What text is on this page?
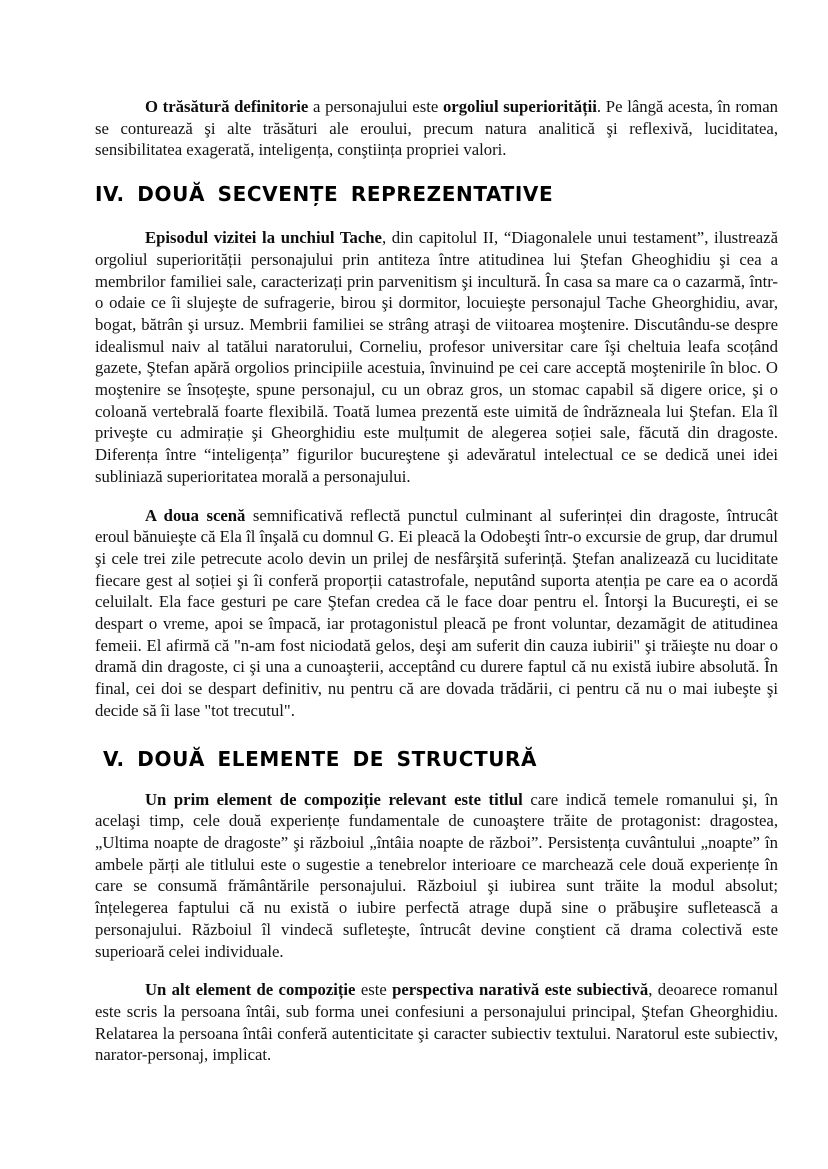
O trăsătură definitorie a personajului este orgoliul superiorității. Pe lângă acesta, în roman se conturează şi alte trăsături ale eroului, precum natura analitică şi reflexivă, luciditatea, sensibilitatea exagerată, inteligența, conştiința propriei valori.

IV. DOUĂ SECVENȚE REPREZENTATIVE

Episodul vizitei la unchiul Tache, din capitolul II, “Diagonalele unui testament”, ilustrează orgoliul superiorității personajului prin antiteza între atitudinea lui Ştefan Gheoghidiu şi cea a membrilor familiei sale, caracterizați prin parvenitism şi incultură. În casa sa mare ca o cazarmă, într-o odaie ce îi slujeşte de sufragerie, birou şi dormitor, locuieşte personajul Tache Gheorghidiu, avar, bogat, bătrân şi ursuz. Membrii familiei se strâng atraşi de viitoarea moştenire. Discutându-se despre idealismul naiv al tatălui naratorului, Corneliu, profesor universitar care îşi cheltuia leafa scoțând gazete, Ştefan apără orgolios principiile acestuia, învinuind pe cei care acceptă moştenirile în bloc. O moştenire se însoțeşte, spune personajul, cu un obraz gros, un stomac capabil să digere orice, şi o coloană vertebrală foarte flexibilă. Toată lumea prezentă este uimită de îndrăzneala lui Ştefan. Ela îl priveşte cu admirație şi Gheorghidiu este mulțumit de alegerea soției sale, făcută din dragoste. Diferența între “inteligența” figurilor bucureştene şi adevăratul intelectual ce se dedică unei idei subliniază superioritatea morală a personajului.

A doua scenă semnificativă reflectă punctul culminant al suferinței din dragoste, întrucât eroul bănuieşte că Ela îl înşală cu domnul G. Ei pleacă la Odobeşti într-o excursie de grup, dar drumul şi cele trei zile petrecute acolo devin un prilej de nesfârşită suferință. Ştefan analizează cu luciditate fiecare gest al soției şi îi conferă proporții catastrofale, neputând suporta atenția pe care ea o acordă celuilalt. Ela face gesturi pe care Ştefan credea că le face doar pentru el. Întorşi la Bucureşti, ei se despart o vreme, apoi se împacă, iar protagonistul pleacă pe front voluntar, dezamăgit de atitudinea femeii. El afirmă că "n-am fost niciodată gelos, deşi am suferit din cauza iubirii" şi trăieşte nu doar o dramă din dragoste, ci şi una a cunoaşterii, acceptând cu durere faptul că nu există iubire absolută. În final, cei doi se despart definitiv, nu pentru că are dovada trădării, ci pentru că nu o mai iubeşte şi decide să îi lase "tot trecutul".

V. DOUĂ ELEMENTE DE STRUCTURĂ

Un prim element de compoziție relevant este titlul care indică temele romanului şi, în acelaşi timp, cele două experiențe fundamentale de cunoaştere trăite de protagonist: dragostea, „Ultima noapte de dragoste” şi războiul „întâia noapte de război”. Persistența cuvântului „noapte” în ambele părți ale titlului este o sugestie a tenebrelor interioare ce marchează cele două experiențe în care se consumă frământările personajului. Războiul şi iubirea sunt trăite la modul absolut; înțelegerea faptului că nu există o iubire perfectă atrage după sine o prăbuşire sufletească a personajului. Războiul îl vindecă sufleteşte, întrucât devine conştient că drama colectivă este superioară celei individuale.

Un alt element de compoziție este perspectiva narativă este subiectivă, deoarece romanul este scris la persoana întâi, sub forma unei confesiuni a personajului principal, Ştefan Gheorghidiu. Relatarea la persoana întâi conferă autenticitate şi caracter subiectiv textului. Naratorul este subiectiv, narator-personaj, implicat.
